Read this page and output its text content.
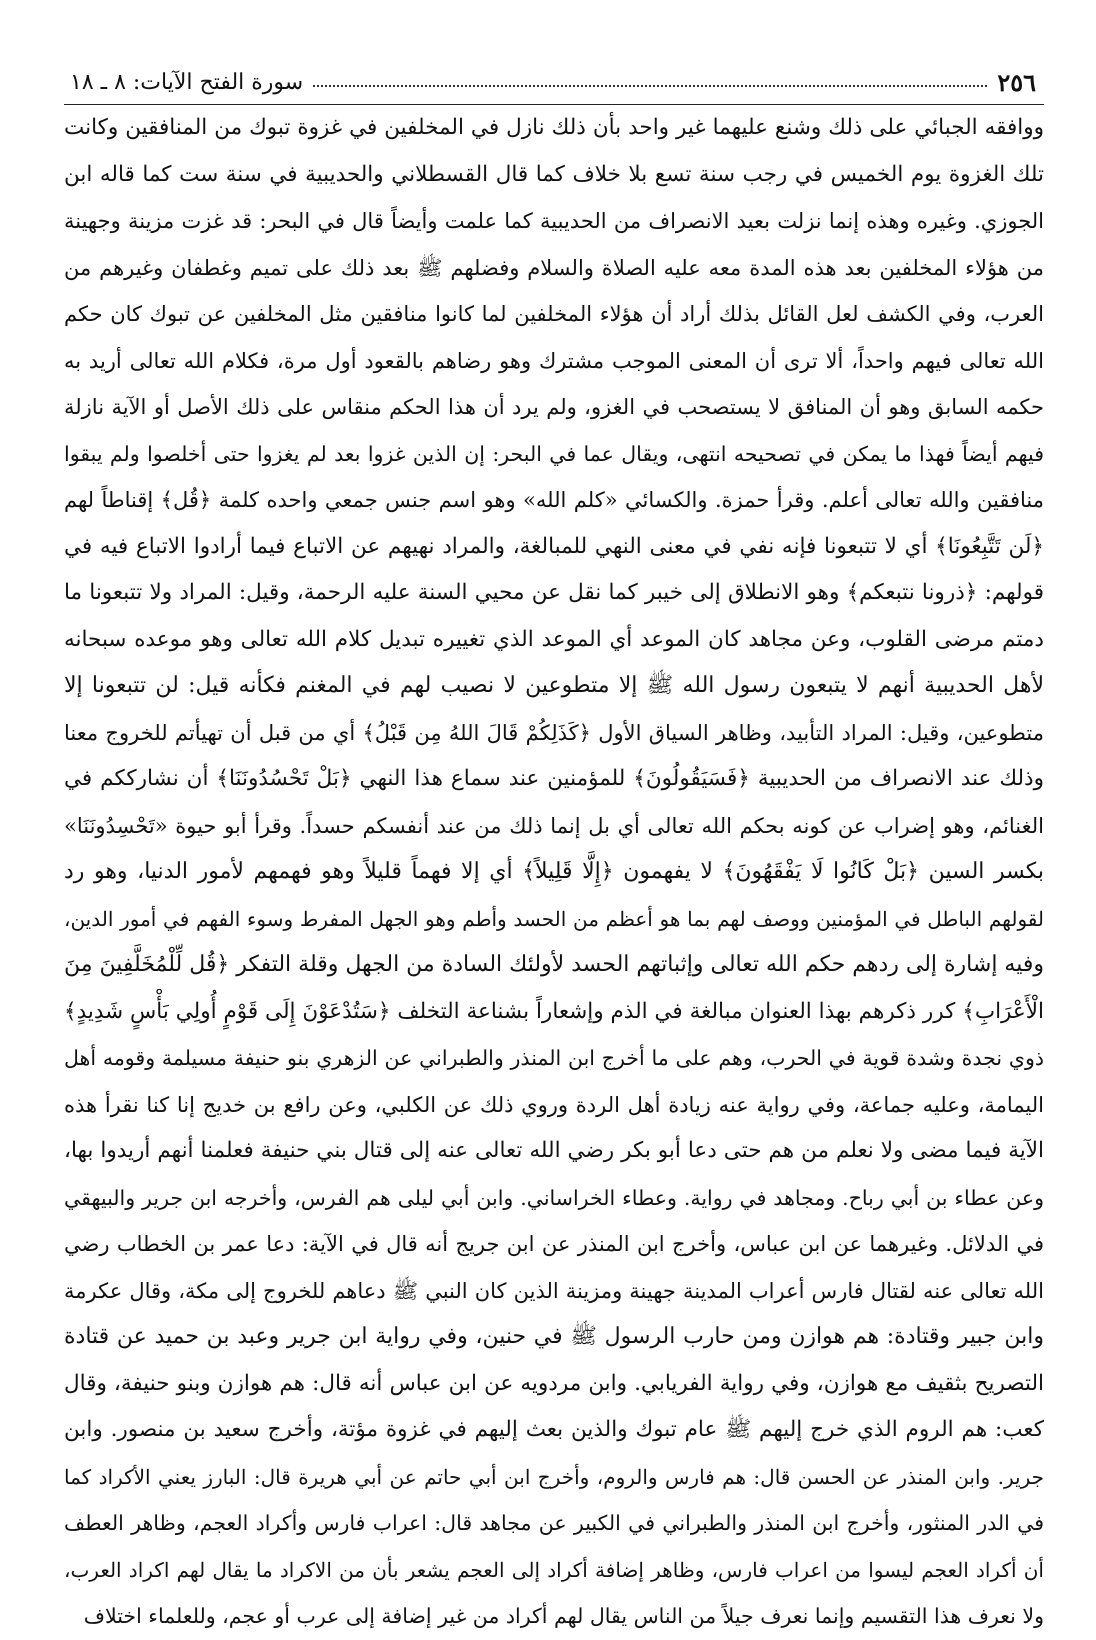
٢٥٦
سورة الفتح الآيات: ٨ ـ ١٨
ووافقه الجبائي على ذلك وشنع عليهما غير واحد بأن ذلك نازل في المخلفين في غزوة تبوك من المنافقين وكانت
تلك الغزوة يوم الخميس في رجب سنة تسع بلا خلاف كما قال القسطلاني والحديبية في سنة ست كما قاله ابن
الجوزي. وغيره وهذه إنما نزلت بعيد الانصراف من الحديبية كما علمت وأيضاً قال في البحر: قد غزت مزينة وجهينة
من هؤلاء المخلفين بعد هذه المدة معه عليه الصلاة والسلام وفضلهم ﷺ بعد ذلك على تميم وغطفان وغيرهم من
العرب، وفي الكشف لعل القائل بذلك أراد أن هؤلاء المخلفين لما كانوا منافقين مثل المخلفين عن تبوك كان حكم
الله تعالى فيهم واحداً، ألا ترى أن المعنى الموجب مشترك وهو رضاهم بالقعود أول مرة، فكلام الله تعالى أريد به
حكمه السابق وهو أن المنافق لا يستصحب في الغزو، ولم يرد أن هذا الحكم منقاس على ذلك الأصل أو الآية نازلة
فيهم أيضاً فهذا ما يمكن في تصحيحه انتهى، ويقال عما في البحر: إن الذين غزوا بعد لم يغزوا حتى أخلصوا ولم يبقوا
منافقين والله تعالى أعلم. وقرأ حمزة. والكسائي «كلم الله» وهو اسم جنس جمعي واحده كلمة ﴿قُل﴾ إقناطاً لهم
﴿لَن تَتَّبِعُونَا﴾ أي لا تتبعونا فإنه نفي في معنى النهي للمبالغة، والمراد نهيهم عن الاتباع فيما أرادوا الاتباع فيه في
قولهم: ﴿ذرونا نتبعكم﴾ وهو الانطلاق إلى خيبر كما نقل عن محيي السنة عليه الرحمة، وقيل: المراد ولا تتبعونا ما
دمتم مرضى القلوب، وعن مجاهد كان الموعد أي الموعد الذي تغييره تبديل كلام الله تعالى وهو موعده سبحانه
لأهل الحديبية أنهم لا يتبعون رسول الله ﷺ إلا متطوعين لا نصيب لهم في المغنم فكأنه قيل: لن تتبعونا إلا
متطوعين، وقيل: المراد التأبيد، وظاهر السياق الأول ﴿كَذَلِكُمْ قَالَ اللهُ مِن قَبْلُ﴾ أي من قبل أن تهيأتم للخروج معنا
وذلك عند الانصراف من الحديبية ﴿فَسَيَقُولُونَ﴾ للمؤمنين عند سماع هذا النهي ﴿بَلْ تَحْسُدُونَنَا﴾ أن نشارككم في
الغنائم، وهو إضراب عن كونه بحكم الله تعالى أي بل إنما ذلك من عند أنفسكم حسداً. وقرأ أبو حيوة «تَحْسِدُونَنَا»
بكسر السين ﴿بَلْ كَانُوا لَا يَفْقَهُونَ﴾ لا يفهمون ﴿إِلَّا قَلِيلاً﴾ أي إلا فهماً قليلاً وهو فهمهم لأمور الدنيا، وهو رد
لقولهم الباطل في المؤمنين ووصف لهم بما هو أعظم من الحسد وأطم وهو الجهل المفرط وسوء الفهم في أمور الدين،
وفيه إشارة إلى ردهم حكم الله تعالى وإثباتهم الحسد لأولئك السادة من الجهل وقلة التفكر ﴿قُل لِّلْمُخَلَّفِينَ مِنَ
الْأَعْرَابِ﴾ كرر ذكرهم بهذا العنوان مبالغة في الذم وإشعاراً بشناعة التخلف ﴿سَتُدْعَوْنَ إِلَى قَوْمٍ أُولِي بَأْسٍ شَدِيدٍ﴾
ذوي نجدة وشدة قوية في الحرب، وهم على ما أخرج ابن المنذر والطبراني عن الزهري بنو حنيفة مسيلمة وقومه أهل
اليمامة، وعليه جماعة، وفي رواية عنه زيادة أهل الردة وروي ذلك عن الكلبي، وعن رافع بن خديج إنا كنا نقرأ هذه
الآية فيما مضى ولا نعلم من هم حتى دعا أبو بكر رضي الله تعالى عنه إلى قتال بني حنيفة فعلمنا أنهم أريدوا بها،
وعن عطاء بن أبي رباح. ومجاهد في رواية. وعطاء الخراساني. وابن أبي ليلى هم الفرس، وأخرجه ابن جرير والبيهقي
في الدلائل. وغيرهما عن ابن عباس، وأخرج ابن المنذر عن ابن جريج أنه قال في الآية: دعا عمر بن الخطاب رضي
الله تعالى عنه لقتال فارس أعراب المدينة جهينة ومزينة الذين كان النبي ﷺ دعاهم للخروج إلى مكة، وقال عكرمة
وابن جبير وقتادة: هم هوازن ومن حارب الرسول ﷺ في حنين، وفي رواية ابن جرير وعبد بن حميد عن قتادة
التصريح بثقيف مع هوازن، وفي رواية الفريابي. وابن مردويه عن ابن عباس أنه قال: هم هوازن وبنو حنيفة، وقال
كعب: هم الروم الذي خرج إليهم ﷺ عام تبوك والذين بعث إليهم في غزوة مؤتة، وأخرج سعيد بن منصور. وابن
جرير. وابن المنذر عن الحسن قال: هم فارس والروم، وأخرج ابن أبي حاتم عن أبي هريرة قال: البارز يعني الأكراد كما
في الدر المنثور، وأخرج ابن المنذر والطبراني في الكبير عن مجاهد قال: اعراب فارس وأكراد العجم، وظاهر العطف
أن أكراد العجم ليسوا من اعراب فارس، وظاهر إضافة أكراد إلى العجم يشعر بأن من الاكراد ما يقال لهم اكراد العرب،
ولا نعرف هذا التقسيم وإنما نعرف جيلاً من الناس يقال لهم أكراد من غير إضافة إلى عرب أو عجم، وللعلماء اختلاف
